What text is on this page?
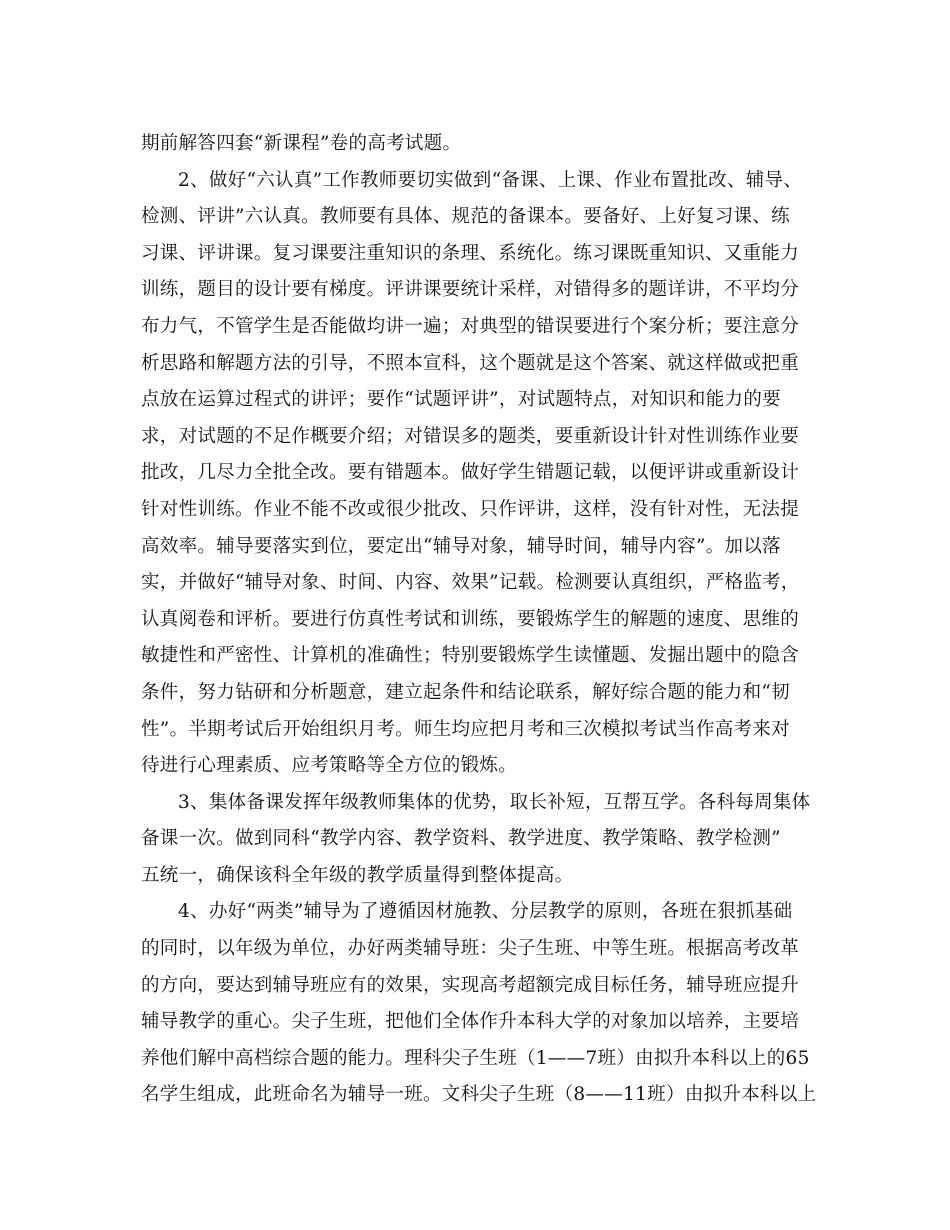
期前解答四套“新课程”卷的高考试题。
2、做好“六认真”工作教师要切实做到“备课、上课、作业布置批改、辅导、
检测、评讲”六认真。教师要有具体、规范的备课本。要备好、上好复习课、练
习课、评讲课。复习课要注重知识的条理、系统化。练习课既重知识、又重能力
训练，题目的设计要有梯度。评讲课要统计采样，对错得多的题详讲，不平均分
布力气，不管学生是否能做均讲一遍；对典型的错误要进行个案分析；要注意分
析思路和解题方法的引导，不照本宣科，这个题就是这个答案、就这样做或把重
点放在运算过程式的讲评；要作“试题评讲”，对试题特点，对知识和能力的要
求，对试题的不足作概要介绍；对错误多的题类，要重新设计针对性训练作业要
批改，几尽力全批全改。要有错题本。做好学生错题记载，以便评讲或重新设计
针对性训练。作业不能不改或很少批改、只作评讲，这样，没有针对性，无法提
高效率。辅导要落实到位，要定出“辅导对象，辅导时间，辅导内容”。加以落
实，并做好“辅导对象、时间、内容、效果”记载。检测要认真组织，严格监考，
认真阅卷和评析。要进行仿真性考试和训练，要锻炼学生的解题的速度、思维的
敏捷性和严密性、计算机的准确性；特别要锻炼学生读懂题、发掘出题中的隐含
条件，努力钻研和分析题意，建立起条件和结论联系，解好综合题的能力和“韧
性”。半期考试后开始组织月考。师生均应把月考和三次模拟考试当作高考来对
待进行心理素质、应考策略等全方位的锻炼。
3、集体备课发挥年级教师集体的优势，取长补短，互帮互学。各科每周集体
备课一次。做到同科“教学内容、教学资料、教学进度、教学策略、教学检测”
五统一，确保该科全年级的教学质量得到整体提高。
4、办好“两类”辅导为了遵循因材施教、分层教学的原则，各班在狠抓基础
的同时，以年级为单位，办好两类辅导班：尖子生班、中等生班。根据高考改革
的方向，要达到辅导班应有的效果，实现高考超额完成目标任务，辅导班应提升
辅导教学的重心。尖子生班，把他们全体作升本科大学的对象加以培养，主要培
养他们解中高档综合题的能力。理科尖子生班（1——7班）由拟升本科以上的65
名学生组成，此班命名为辅导一班。文科尖子生班（8——11班）由拟升本科以上
